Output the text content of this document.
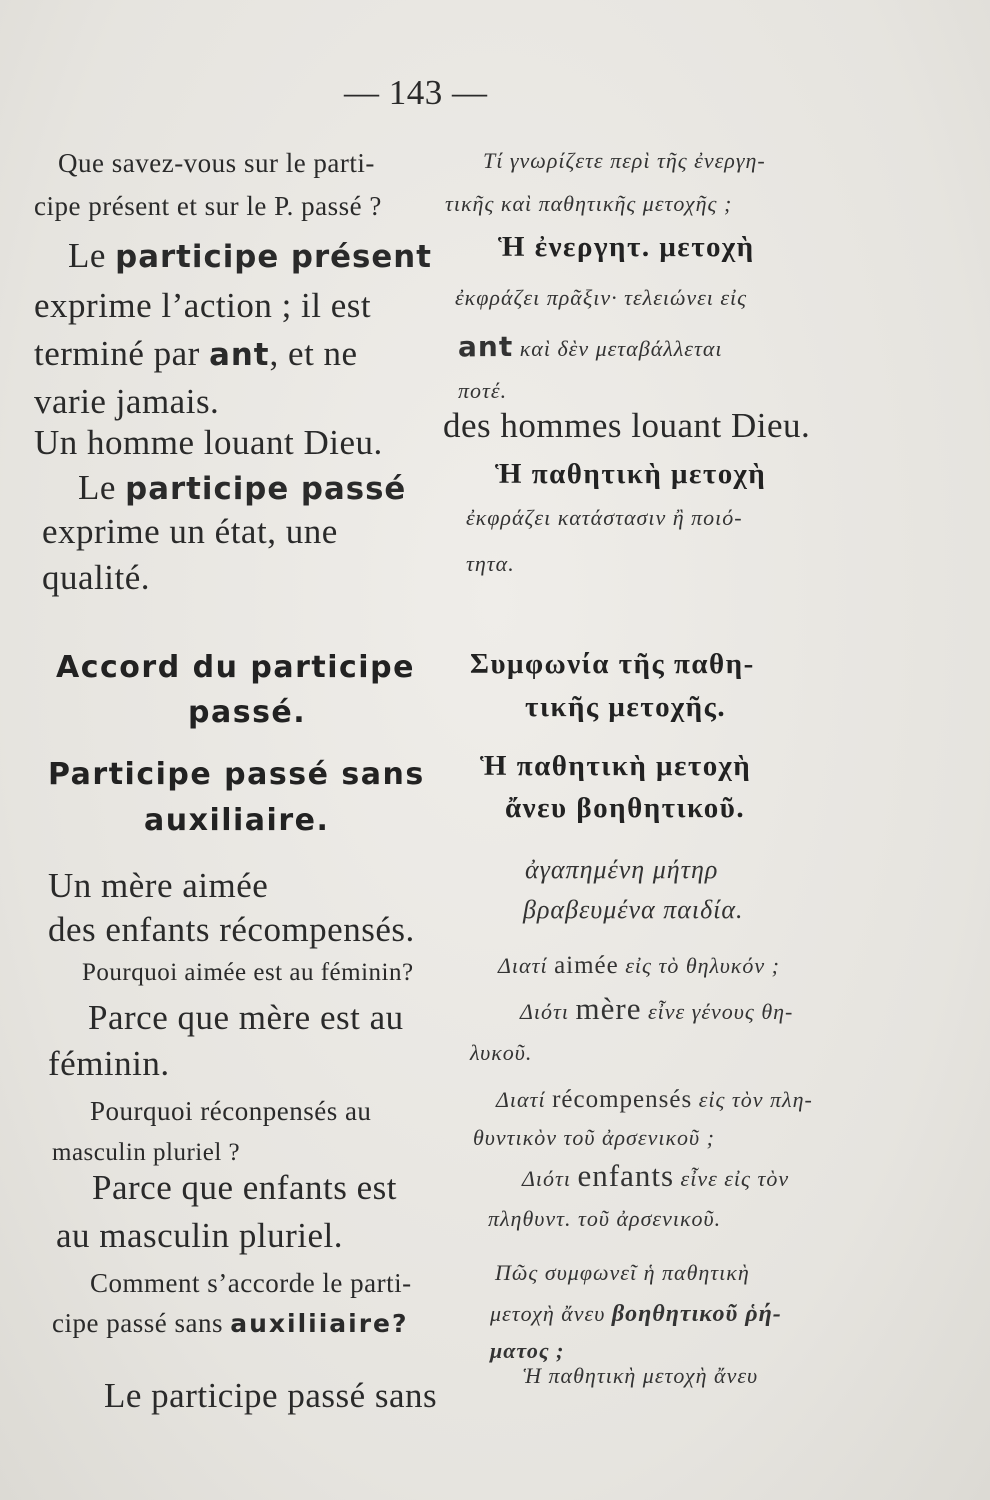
— 143 —
Que savez-vous sur le parti-
cipe présent et sur le P. passé ?
Τί γνωρίζετε περὶ τῆς ἐνεργη-
τικῆς καὶ παθητικῆς μετοχῆς ;
Le participe présent
exprime l’action ; il est
terminé par ant, et ne
varie jamais.
Ἡ ἐνεργητ. μετοχὴ
ἐκφράζει πρᾶξιν· τελειώνει εἰς
ant καὶ δὲν μεταβάλλεται
ποτέ.
Un homme louant Dieu. des hommes louant Dieu.
Le participe passé
exprime un état, une
qualité.
Ἡ παθητικὴ μετοχὴ
ἐκφράζει κατάστασιν ἢ ποιό-
τητα.
Accord du participe
passé.
Συμφωνία τῆς παθη-
τικῆς μετοχῆς.
Participe passé sans
auxiliaire.
Ἡ παθητικὴ μετοχὴ
ἄνευ βοηθητικοῦ.
Un mère aimée
des enfants récompensés.
ἀγαπημένη μήτηρ
βραβευμένα παιδία.
Pourquoi aimée est au féminin?	Διατί aimée εἰς τὸ θηλυκόν ;
Parce que mère est au
féminin.
Διότι mère εἶνε γένους θη-
λυκοῦ.
Pourquoi réconpensés au
masculin pluriel ?
Διατί récompensés εἰς τὸν πλη-
θυντικὸν τοῦ ἀρσενικοῦ ;
Parce que enfants est
au masculin pluriel.
Διότι enfants εἶνε εἰς τὸν
πληθυντ. τοῦ ἀρσενικοῦ.
Comment s’accorde le parti-
cipe passé sans auxiliiaire?
Πῶς συμφωνεῖ ἡ παθητικὴ
μετοχὴ ἄνευ βοηθητικοῦ ῥή-
ματος ;
Le participe passé sans
Ἡ παθητικὴ μετοχὴ ἄνευ
